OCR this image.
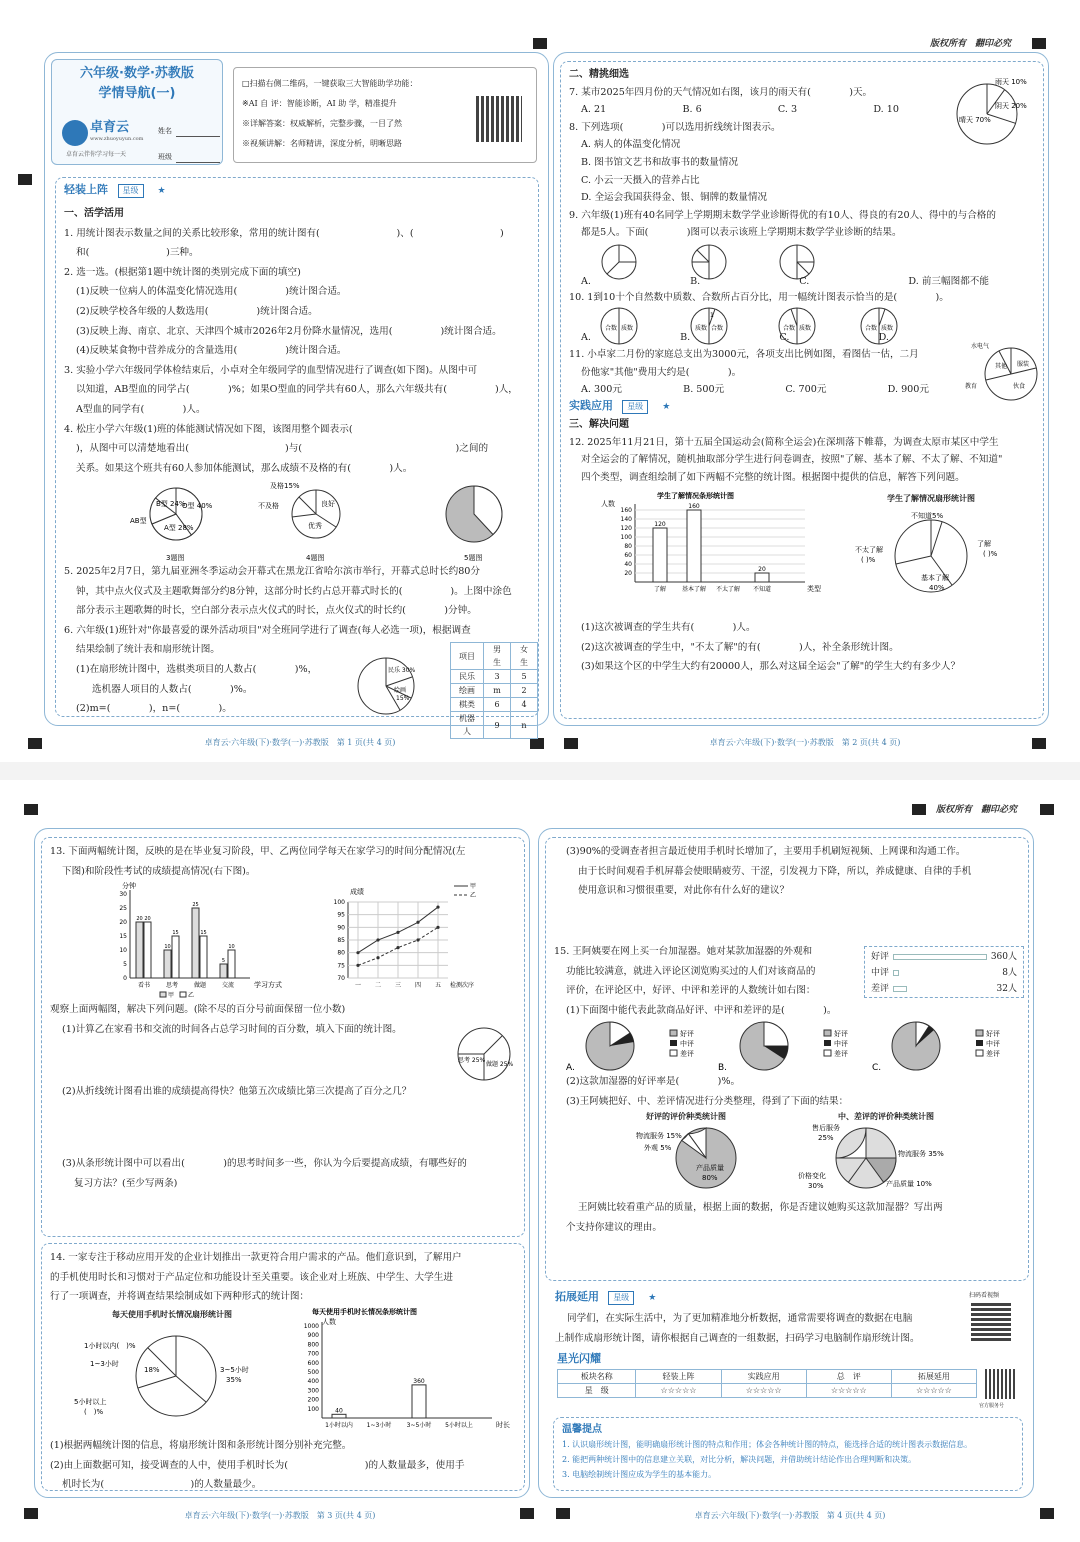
版权所有　翻印必究
卓育云·六年级(下)·数学(一)·苏教版　第 1 页(共 4 页)	卓育云·六年级(下)·数学(一)·苏教版　第 2 页(共 4 页)
六年级·数学·苏教版
学情导航(一)
卓育云
www.zhuoyuyun.com
卓育云伴你学习每一天
姓名
班级
□扫描右侧二维码，一键获取三大智能助学功能：
※AI 自 评：智能诊断，AI 助 学，精准提升
※详解答案：权威解析，完整步骤，一目了然
※视频讲解：名师精讲，深度分析，明晰思路
轻装上阵 星级 ★

一、活学活用

1. 用统计图表示数量之间的关系比较形象，常用的统计图有(　　　　　　　　)、(　　　　　　　　　)

和(　　　　　　　　)三种。

2. 选一选。(根据第1题中统计图的类别完成下面的填空)

(1)反映一位病人的体温变化情况选用(　　　　　)统计图合适。

(2)反映学校各年级的人数选用(　　　　　)统计图合适。

(3)反映上海、南京、北京、天津四个城市2026年2月份降水量情况，选用(　　　　　)统计图合适。

(4)反映某食物中营养成分的含量选用(　　　　　)统计图合适。

3. 实验小学六年级同学体检结束后，小卓对全年级同学的血型情况进行了调查(如下图)。从图中可

以知道，AB型血的同学占(　　　　)%；如果O型血的同学共有60人，那么六年级共有(　　　　　)人，

A型血的同学有(　　　　)人。

4. 松庄小学六年级(1)班的体能测试情况如下图，该图用整个圆表示(　　　　　　　　　　　　　　　　

)，从图中可以清楚地看出(　　　　　　　　　　)与(　　　　　　　　　　　　　　　　)之间的

关系。如果这个班共有60人参加体能测试，那么成绩不及格的有(　　　　)人。

B型 24%
O型 40%
AB型
A型 28%
3题图
及格15%
良好
不及格
优秀
4题图	5题图

5. 2025年2月7日，第九届亚洲冬季运动会开幕式在黑龙江省哈尔滨市举行，开幕式总时长约80分

钟，其中点火仪式及主题歌舞部分约8分钟，这部分时长约占总开幕式时长的(　　　　　)。上图中涂色

部分表示主题歌舞的时长，空白部分表示点火仪式的时长，点火仪式的时长约(　　　　)分钟。

6. 六年级(1)班针对"你最喜爱的课外活动项目"对全班同学进行了调查(每人必选一项)，根据调查

结果绘制了统计表和扇形统计图。

(1)在扇形统计图中，选棋类项目的人数占(　　　　)%，

选机器人项目的人数占(　　　　)%。

(2)m=(　　　　)，n=(　　　　)。

民乐 30%
绘画
15%
项目	男生	女生
民乐	3	5
绘画	m	2
棋类	6	4
机器人	9	n

二、精挑细选

7. 某市2025年四月份的天气情况如右图，该月的雨天有(　　　　)天。

A. 21	B. 6	C. 3	D. 10

8. 下列选项(　　　　)可以选用折线统计图表示。

A. 病人的体温变化情况

B. 图书馆文艺书和故事书的数量情况

C. 小云一天摄入的营养占比

D. 全运会我国获得金、银、铜牌的数量情况

9. 六年级(1)班有40名同学上学期期末数学学业诊断得优的有10人、得良的有20人、得中的与合格的

都是5人。下面(　　　　)图可以表示该班上学期期末数学学业诊断的结果。

雨天 10%
阴天 20%
晴天 70%
A.	B.	C.	D. 前三幅图都不能
10. 1到10十个自然数中质数、合数所占百分比，用一幅统计图表示恰当的是(　　　　)。
合数 质数	质数 合数
1
合数 质数	合数 质数
A.	B.	C.	D.

11. 小卓家二月份的家庭总支出为3000元，各项支出比例如图，看图估一估，二月

份他家"其他"费用大约是(　　　　)。

A. 300元	B. 500元	C. 700元	D. 900元
水电气
其他 服装
教育	伙食
实践应用 星级 ★

三、解决问题

12. 2025年11月21日，第十五届全国运动会(简称全运会)在深圳落下帷幕，为调查太原市某区中学生

对全运会的了解情况，随机抽取部分学生进行问卷调查，按照"了解、基本了解、不太了解、不知道"

四个类型，调查组绘制了如下两幅不完整的统计图。根据图中提供的信息，解答下列问题。

学生了解情况条形统计图
人数
20
40
60
80
100
120
140
160
120
了解
160
基本了解 不太了解
20
不知道	类型
学生了解情况扇形统计图
不知道5%
了解
( )%
不太了解
( )%
基本了解
40%

(1)这次被调查的学生共有(　　　　)人。

(2)这次被调查的学生中，"不太了解"的有(　　　　)人，补全条形统计图。

(3)如果这个区的中学生大约有20000人，那么对这届全运会"了解"的学生大约有多少人？

版权所有　翻印必究
卓育云·六年级(下)·数学(一)·苏教版　第 3 页(共 4 页)	卓育云·六年级(下)·数学(一)·苏教版　第 4 页(共 4 页)

13. 下面两幅统计图，反映的是在毕业复习阶段，甲、乙两位同学每天在家学习的时间分配情况(左

下图)和阶段性考试的成绩提高情况(右下图)。

分钟
0
5
10
15
20
25
30
20 20
看书
10
15
思考
25
15
做题
5
10
交流	学习方式
甲 乙
成绩
70
75
80
85
90
95
100
一 二 三 四 五 检测次序
甲
乙

观察上面两幅图，解决下列问题。(除不尽的百分号前面保留一位小数)

(1)计算乙在家看书和交流的时间各占总学习时间的百分数，填入下面的统计图。

思考 25%
做题 25%
(2)从折线统计图看出谁的成绩提高得快？他第五次成绩比第三次提高了百分之几？

(3)从条形统计图中可以看出(　　　　)的思考时间多一些，你认为今后要提高成绩，有哪些好的

复习方法？(至少写两条)

14. 一家专注于移动应用开发的企业计划推出一款更符合用户需求的产品。他们意识到，了解用户

的手机使用时长和习惯对于产品定位和功能设计至关重要。该企业对上班族、中学生、大学生进

行了一项调查，并将调查结果绘制成如下两种形式的统计图：

每天使用手机时长情况扇形统计图
1小时以内(　)%
1~3小时
18%	3~5小时
35%
5小时以上
(　)%
每天使用手机时长情况条形统计图
人数
100
200
300
400
500
600
700
800
900
1000
40
1小时以内 1~3小时
360
3~5小时 5小时以上	时长

(1)根据两幅统计图的信息，将扇形统计图和条形统计图分别补充完整。

(2)由上面数据可知，接受调查的人中，使用手机时长为(　　　　　　　　)的人数量最多，使用手

机时长为(　　　　　　　　　)的人数量最少。

(3)90%的受调查者担言最近使用手机时长增加了，主要用手机刷短视频、上网课和沟通工作。

由于长时间观看手机屏幕会使眼睛疲劳、干涩，引发视力下降，所以，养成健康、自律的手机

使用意识和习惯很重要，对此你有什么好的建议？

15. 王阿姨要在网上买一台加湿器。她对某款加湿器的外观和

功能比较满意，就进入评论区浏览购买过的人们对该商品的

评价，在评论区中，好评、中评和差评的人数统计如右图：

(1)下面图中能代表此款商品好评、中评和差评的是(　　　　)。

好评	360人
中评	8人
差评	32人
好评
中评
差评
好评
中评
差评
好评
中评
差评
A.	B.	C.

(2)这款加湿器的好评率是(　　　　)%。

(3)王阿姨把好、中、差评情况进行分类整理，得到了下面的结果：

好评的评价种类统计图	中、差评的评价种类统计图
物流服务 15%
外观 5%
产品质量
80%
售后服务
25%
物流服务 35%
价格变化
30%	产品质量 10%

王阿姨比较看重产品的质量，根据上面的数据，你是否建议她购买这款加湿器？写出两

个支持你建议的理由。

拓展延用 星级 ★

同学们，在实际生活中，为了更加精准地分析数据，通常需要将调查的数据在电脑

上制作成扇形统计图，请你根据自己调查的一组数据，扫码学习电脑制作扇形统计图。

扫码看视频
星光闪耀
板块名称	轻装上阵	实践应用	总　评	拓展延用
星　级	☆☆☆☆☆	☆☆☆☆☆	☆☆☆☆☆	☆☆☆☆☆
官方服务号
温馨提点
1. 认识扇形统计图，能明确扇形统计图的特点和作用；体会各种统计图的特点，能选择合适的统计图表示数据信息。
2. 能把两种统计图中的信息建立关联，对比分析，解决问题，并借助统计结论作出合理判断和决策。
3. 电脑绘制统计图应成为学生的基本能力。
